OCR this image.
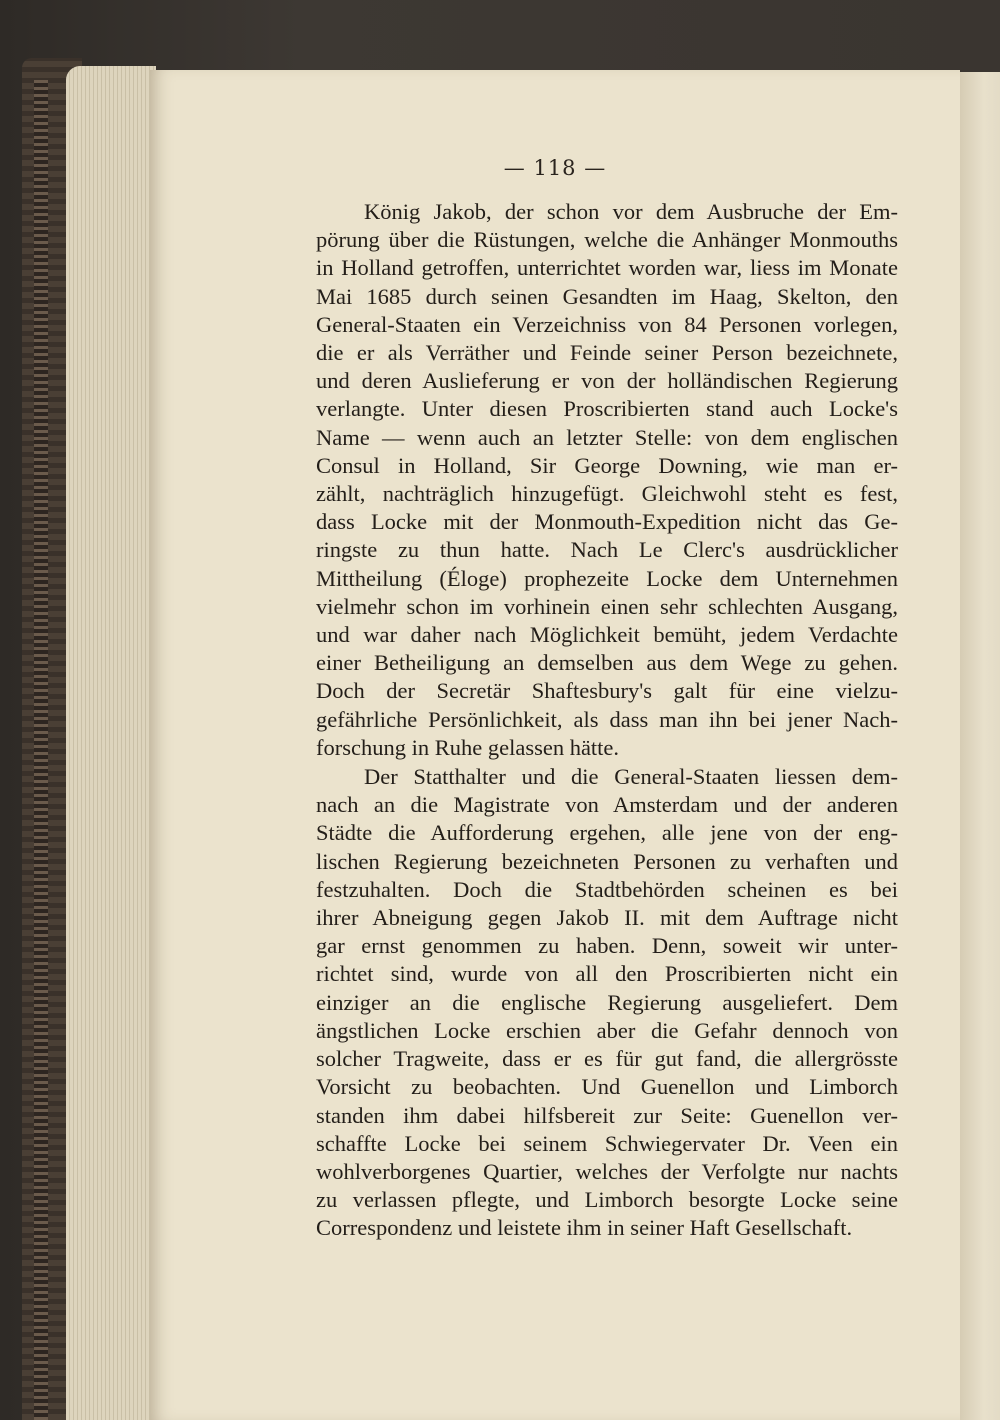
— 118 —
König Jakob, der schon vor dem Ausbruche der Em-
pörung über die Rüstungen, welche die Anhänger Monmouths
in Holland getroffen, unterrichtet worden war, liess im Monate
Mai 1685 durch seinen Gesandten im Haag, Skelton, den
General-Staaten ein Verzeichniss von 84 Personen vorlegen,
die er als Verräther und Feinde seiner Person bezeichnete,
und deren Auslieferung er von der holländischen Regierung
verlangte. Unter diesen Proscribierten stand auch Locke's
Name — wenn auch an letzter Stelle: von dem englischen
Consul in Holland, Sir George Downing, wie man er-
zählt, nachträglich hinzugefügt. Gleichwohl steht es fest,
dass Locke mit der Monmouth-Expedition nicht das Ge-
ringste zu thun hatte. Nach Le Clerc's ausdrücklicher
Mittheilung (Éloge) prophezeite Locke dem Unternehmen
vielmehr schon im vorhinein einen sehr schlechten Ausgang,
und war daher nach Möglichkeit bemüht, jedem Verdachte
einer Betheiligung an demselben aus dem Wege zu gehen.
Doch der Secretär Shaftesbury's galt für eine vielzu-
gefährliche Persönlichkeit, als dass man ihn bei jener Nach-
forschung in Ruhe gelassen hätte.
Der Statthalter und die General-Staaten liessen dem-
nach an die Magistrate von Amsterdam und der anderen
Städte die Aufforderung ergehen, alle jene von der eng-
lischen Regierung bezeichneten Personen zu verhaften und
festzuhalten. Doch die Stadtbehörden scheinen es bei
ihrer Abneigung gegen Jakob II. mit dem Auftrage nicht
gar ernst genommen zu haben. Denn, soweit wir unter-
richtet sind, wurde von all den Proscribierten nicht ein
einziger an die englische Regierung ausgeliefert. Dem
ängstlichen Locke erschien aber die Gefahr dennoch von
solcher Tragweite, dass er es für gut fand, die allergrösste
Vorsicht zu beobachten. Und Guenellon und Limborch
standen ihm dabei hilfsbereit zur Seite: Guenellon ver-
schaffte Locke bei seinem Schwiegervater Dr. Veen ein
wohlverborgenes Quartier, welches der Verfolgte nur nachts
zu verlassen pflegte, und Limborch besorgte Locke seine
Correspondenz und leistete ihm in seiner Haft Gesellschaft.
